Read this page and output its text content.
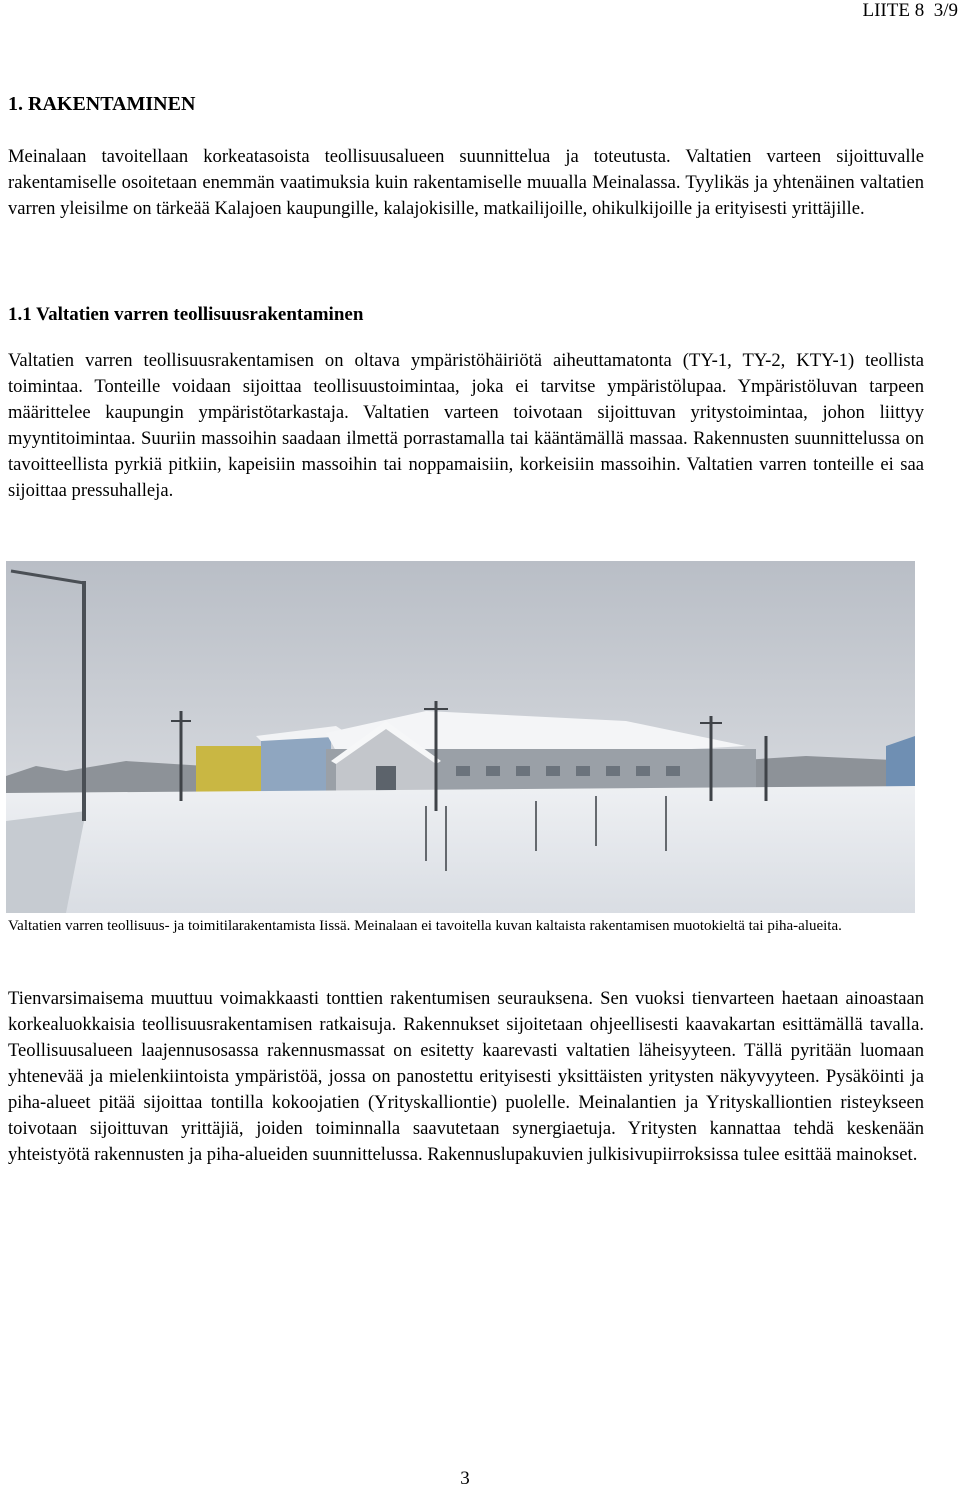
LIITE 8 3/9
1. RAKENTAMINEN
Meinalaan tavoitellaan korkeatasoista teollisuusalueen suunnittelua ja toteutusta. Valtatien varteen sijoittuvalle rakentamiselle osoitetaan enemmän vaatimuksia kuin rakentamiselle muualla Meinalassa. Tyylikäs ja yhtenäinen valtatien varren yleisilme on tärkeää Kalajoen kaupungille, kalajokisille, matkailijoille, ohikulkijoille ja erityisesti yrittäjille.
1.1 Valtatien varren teollisuusrakentaminen
Valtatien varren teollisuusrakentamisen on oltava ympäristöhäiriötä aiheuttamatonta (TY-1, TY-2, KTY-1) teollista toimintaa. Tonteille voidaan sijoittaa teollisuustoimintaa, joka ei tarvitse ympäristölupaa. Ympäristöluvan tarpeen määrittelee kaupungin ympäristötarkastaja. Valtatien varteen toivotaan sijoittuvan yritystoimintaa, johon liittyy myyntitoimintaa. Suuriin massoihin saadaan ilmettä porrastamalla tai kääntämällä massaa. Rakennusten suunnittelussa on tavoitteellista pyrkiä pitkiin, kapeisiin massoihin tai noppamaisiin, korkeisiin massoihin. Valtatien varren tonteille ei saa sijoittaa pressuhalleja.
Valtatien varren teollisuus- ja toimitilarakentamista Iissä. Meinalaan ei tavoitella kuvan kaltaista rakentamisen muotokieltä tai piha-alueita.
Tienvarsimaisema muuttuu voimakkaasti tonttien rakentumisen seurauksena. Sen vuoksi tienvarteen haetaan ainoastaan korkealuokkaisia teollisuusrakentamisen ratkaisuja. Rakennukset sijoitetaan ohjeellisesti kaavakartan esittämällä tavalla. Teollisuusalueen laajennusosassa rakennusmassat on esitetty kaarevasti valtatien läheisyyteen. Tällä pyritään luomaan yhtenevää ja mielenkiintoista ympäristöä, jossa on panostettu erityisesti yksittäisten yritysten näkyvyyteen. Pysäköinti ja piha-alueet pitää sijoittaa tontilla kokoojatien (Yrityskalliontie) puolelle. Meinalantien ja Yrityskalliontien risteykseen toivotaan sijoittuvan yrittäjiä, joiden toiminnalla saavutetaan synergiaetuja. Yritysten kannattaa tehdä keskenään yhteistyötä rakennusten ja piha-alueiden suunnittelussa. Rakennuslupakuvien julkisivupiirroksissa tulee esittää mainokset.
3
